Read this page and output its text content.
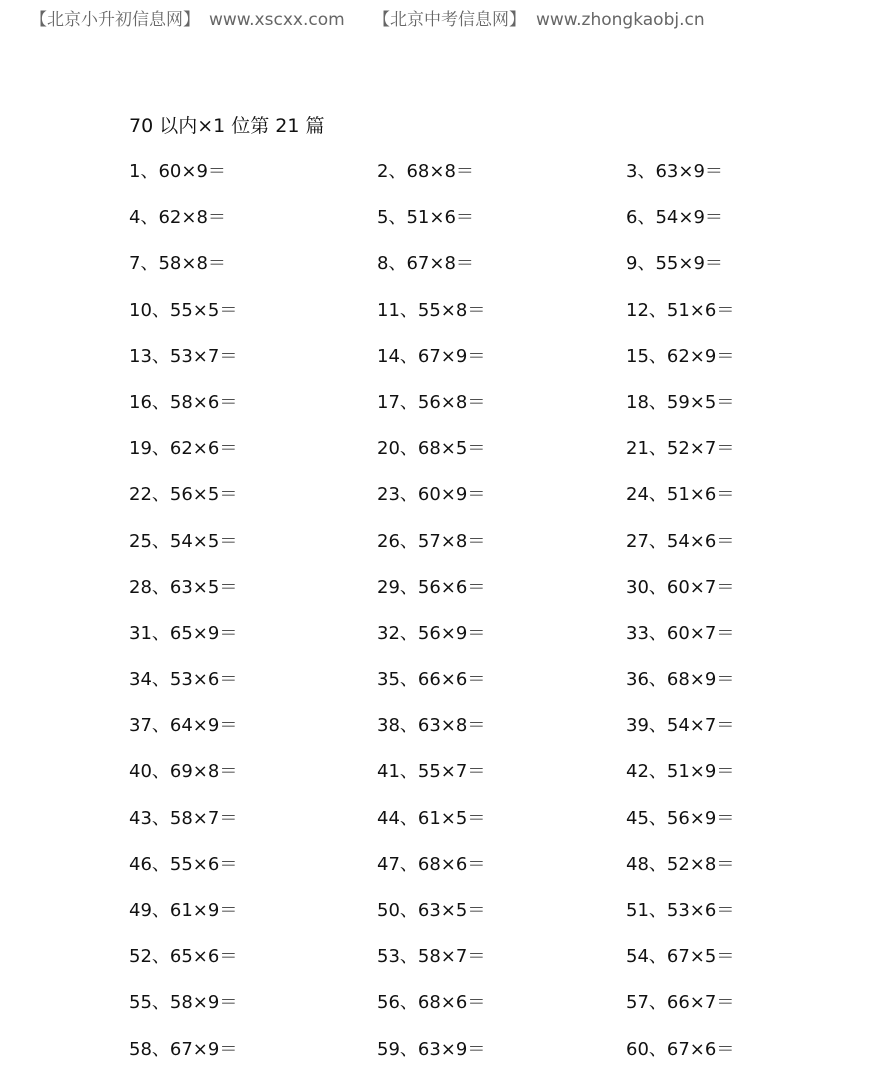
【北京小升初信息网】 www.xscxx.com 【北京中考信息网】 www.zhongkaobj.cn
70 以内×1 位第 21 篇
1、60×9＝	2、68×8＝	3、63×9＝
4、62×8＝	5、51×6＝	6、54×9＝
7、58×8＝	8、67×8＝	9、55×9＝
10、55×5＝	11、55×8＝	12、51×6＝
13、53×7＝	14、67×9＝	15、62×9＝
16、58×6＝	17、56×8＝	18、59×5＝
19、62×6＝	20、68×5＝	21、52×7＝
22、56×5＝	23、60×9＝	24、51×6＝
25、54×5＝	26、57×8＝	27、54×6＝
28、63×5＝	29、56×6＝	30、60×7＝
31、65×9＝	32、56×9＝	33、60×7＝
34、53×6＝	35、66×6＝	36、68×9＝
37、64×9＝	38、63×8＝	39、54×7＝
40、69×8＝	41、55×7＝	42、51×9＝
43、58×7＝	44、61×5＝	45、56×9＝
46、55×6＝	47、68×6＝	48、52×8＝
49、61×9＝	50、63×5＝	51、53×6＝
52、65×6＝	53、58×7＝	54、67×5＝
55、58×9＝	56、68×6＝	57、66×7＝
58、67×9＝	59、63×9＝	60、67×6＝
